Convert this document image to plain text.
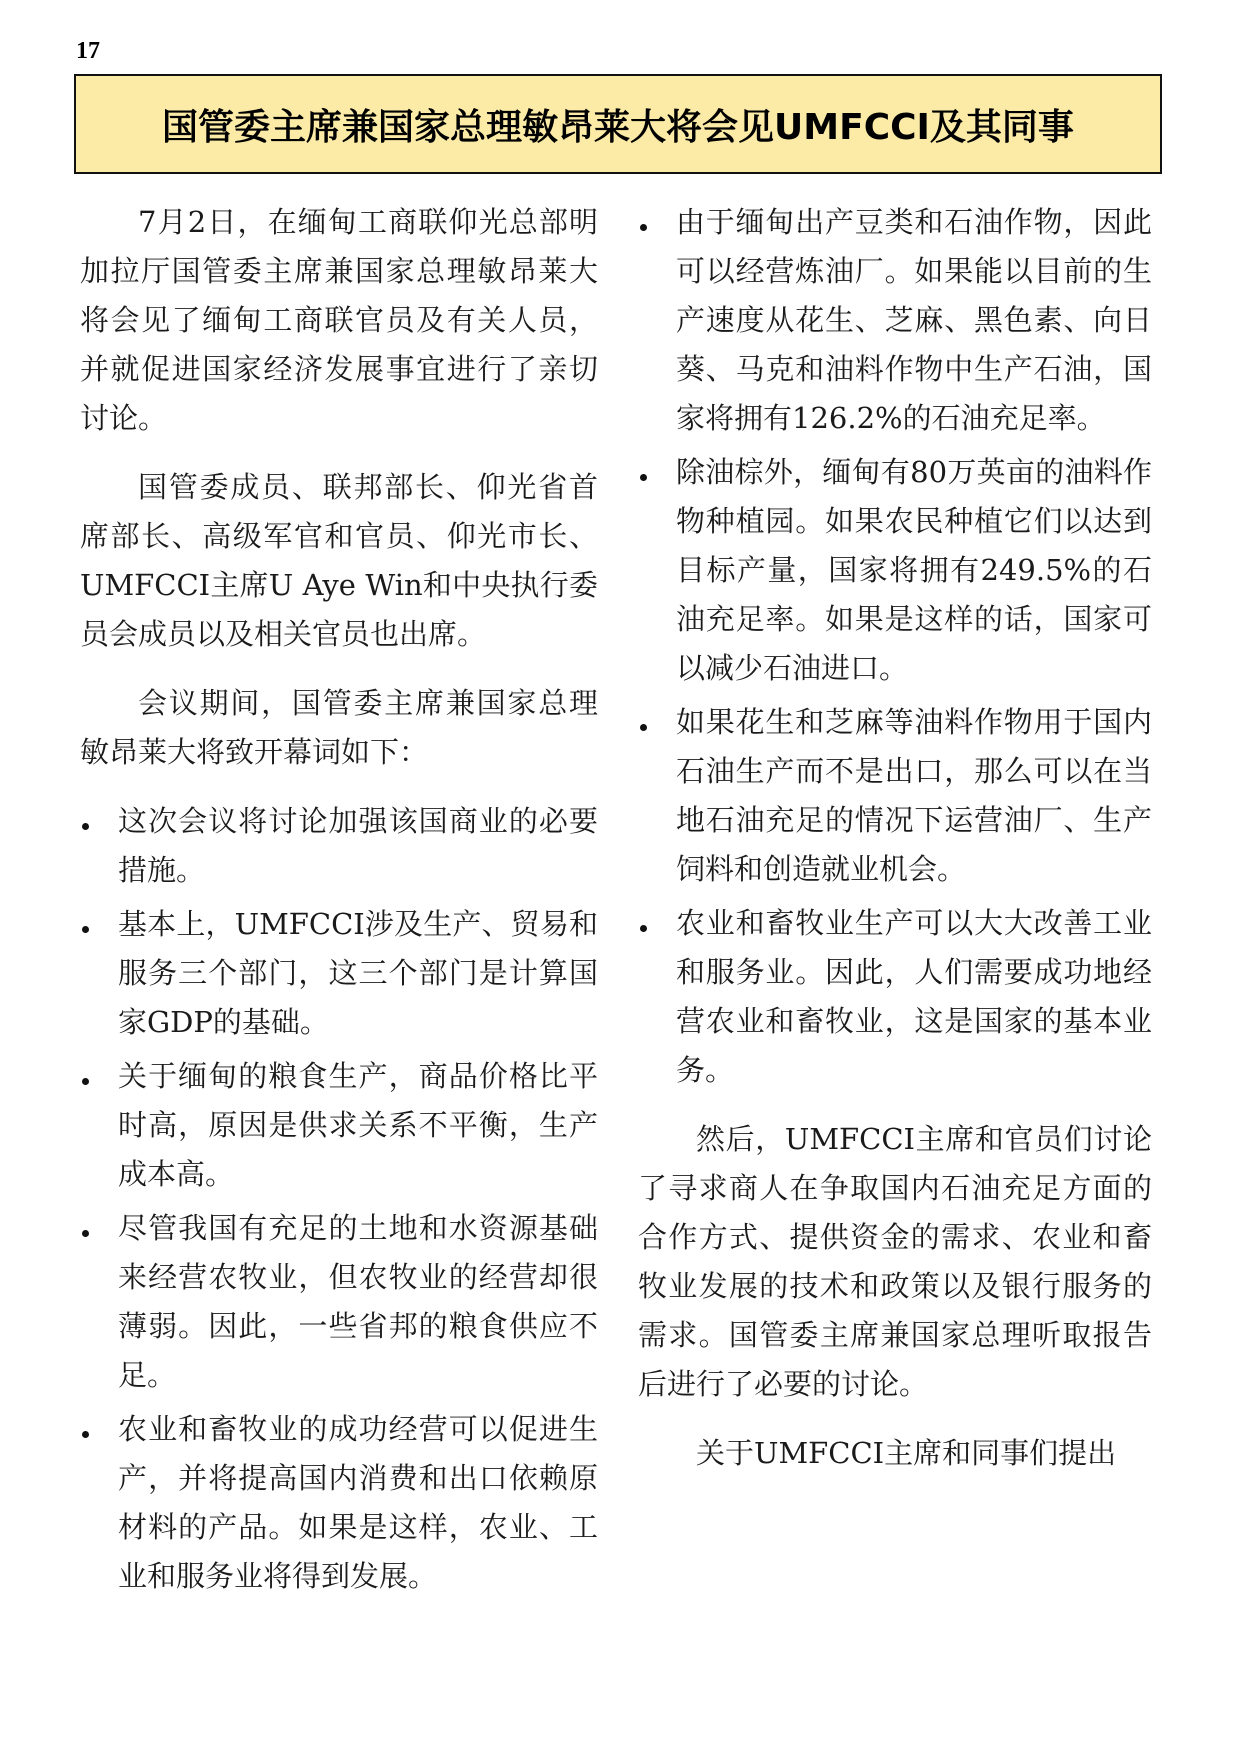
17
国管委主席兼国家总理敏昂莱大将会见UMFCCI及其同事

7月2日，在缅甸工商联仰光总部明加拉厅国管委主席兼国家总理敏昂莱大将会见了缅甸工商联官员及有关人员，并就促进国家经济发展事宜进行了亲切讨论。

国管委成员、联邦部长、仰光省首席部长、高级军官和官员、仰光市长、UMFCCI主席U Aye Win和中央执行委员会成员以及相关官员也出席。

会议期间，国管委主席兼国家总理敏昂莱大将致开幕词如下：

这次会议将讨论加强该国商业的必要措施。
基本上，UMFCCI涉及生产、贸易和服务三个部门，这三个部门是计算国家GDP的基础。
关于缅甸的粮食生产，商品价格比平时高，原因是供求关系不平衡，生产成本高。
尽管我国有充足的土地和水资源基础来经营农牧业，但农牧业的经营却很薄弱。因此，一些省邦的粮食供应不足。
农业和畜牧业的成功经营可以促进生产，并将提高国内消费和出口依赖原材料的产品。如果是这样，农业、工业和服务业将得到发展。
由于缅甸出产豆类和石油作物，因此可以经营炼油厂。如果能以目前的生产速度从花生、芝麻、黑色素、向日葵、马克和油料作物中生产石油，国家将拥有126.2%的石油充足率。
除油棕外，缅甸有80万英亩的油料作物种植园。如果农民种植它们以达到目标产量，国家将拥有249.5%的石油充足率。如果是这样的话，国家可以减少石油进口。
如果花生和芝麻等油料作物用于国内石油生产而不是出口，那么可以在当地石油充足的情况下运营油厂、生产饲料和创造就业机会。
农业和畜牧业生产可以大大改善工业和服务业。因此，人们需要成功地经营农业和畜牧业，这是国家的基本业务。

然后，UMFCCI主席和官员们讨论了寻求商人在争取国内石油充足方面的合作方式、提供资金的需求、农业和畜牧业发展的技术和政策以及银行服务的需求。国管委主席兼国家总理听取报告后进行了必要的讨论。

关于UMFCCI主席和同事们提出
